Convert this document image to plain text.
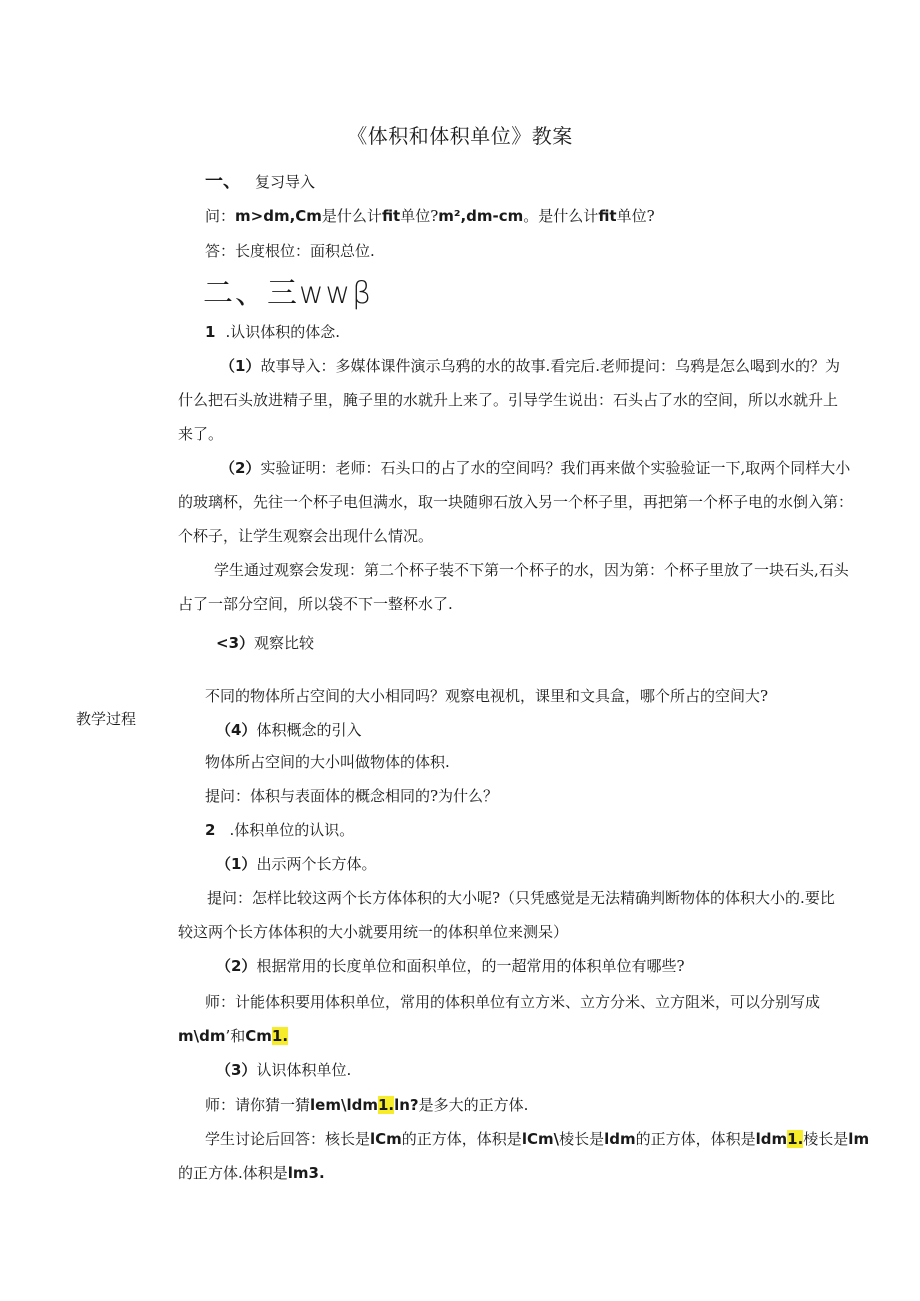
《体积和体积单位》教案
教学过程
一、 复习导入
问：m>dm,Cm是什么计fit单位?m²,dm-cm。是什么计fit单位?
答：长度根位：面积总位.
二、三wwβ
1 .认识体积的体念.
（1）故事导入：多媒体课件演示乌鸦的水的故事.看完后.老师提问：乌鸦是怎么喝到水的？为
什么把石头放进精子里，腌子里的水就升上来了。引导学生说出：石头占了水的空间，所以水就升上
来了。
（2）实验证明：老师：石头口的占了水的空间吗？我们再来做个实验验证一下,取两个同样大小
的玻璃杯，先往一个杯子电但满水，取一块随卵石放入另一个杯子里，再把第一个杯子电的水倒入第：
个杯子，让学生观察会出现什么情况。
学生通过观察会发现：第二个杯子装不下第一个杯子的水，因为第：个杯子里放了一块石头,石头
占了一部分空间，所以袋不下一整杯水了.
<3）观察比较
不同的物体所占空间的大小相同吗？观察电视机，课里和文具盒，哪个所占的空间大?
（4）体积概念的引入
物体所占空间的大小叫做物体的体积.
提问：体积与表面体的概念相同的?为什么？
2 .体积单位的认识。
（1）出示两个长方体。
提问：怎样比较这两个长方体体积的大小呢?（只凭感觉是无法精确判断物体的体积大小的.要比
较这两个长方体体积的大小就要用统一的体积单位来测呆）
（2）根据常用的长度单位和面积单位，的一超常用的体积单位有哪些?
师：计能体积要用体积单位，常用的体积单位有立方米、立方分米、立方阻米，可以分别写成
m\dm’和Cm1.
（3）认识体积单位.
师：请你猜一猜lem\ldm1.ln?是多大的正方体.
学生讨论后回答：核长是lCm的正方体，体积是lCm\棱长是ldm的正方体，体积是ldm1.棱长是lm
的正方体.体积是lm3.
